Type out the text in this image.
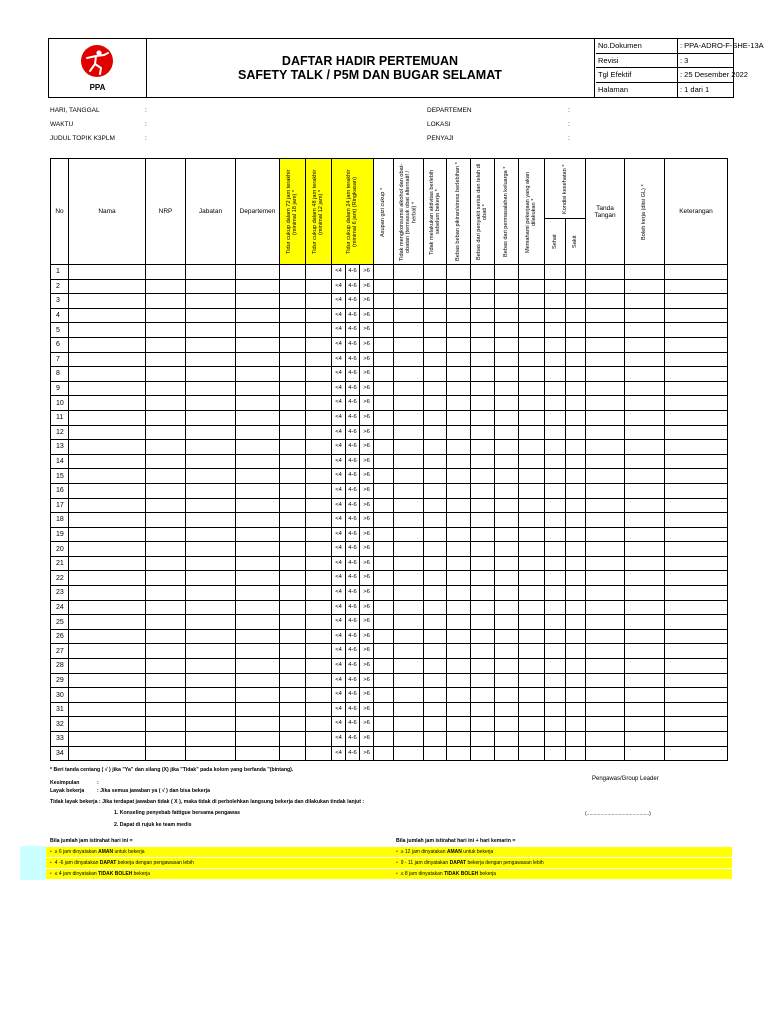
PPA
DAFTAR HADIR PERTEMUAN
SAFETY TALK / P5M DAN BUGAR SELAMAT
No.Dokumen	: PPA-ADRO-F-SHE-13A
Revisi	: 3
Tgl Efektif	: 25 Desember 2022
Halaman	: 1 dari 1
HARI, TANGGAL	:
WAKTU	:
JUDUL TOPIK K3PLM	:
DEPARTEMEN	:
LOKASI	:
PENYAJI	:
No	Nama	NRP	Jabatan	Departemen	Tidur cukup dalam 72 jam terakhir (minimal 18 jam) *	Tidur cukup dalam 48 jam terakhir (minimal 12 jam) *	Tidur cukup dalam 24 jam terakhir (minimal 6 jam) (Ringkasan)	Asupan gizi cukup *	Tidak mengkonsumsi alkohol dan obat-obatan (termasuk obat alternatif / herbal) *	Tidak melakukan aktivitas berlebih sebelum bekerja *	Bebas beban pikiran/stress berlebihan *	Bebas dari penyakit serius dan telah di obati *	Bebas dari permasalahan keluarga *	Memahami pekerjaan yang akan dilakukan *	Kondisi kesehatan *		Tanda Tangan	Boleh kerja (diisi GL) *	Keterangan

															Sehat	Sakit			

1							<4 4-6 >6												

2							<4 4-6 >6												

3							<4 4-6 >6												

4							<4 4-6 >6												

5							<4 4-6 >6												

6							<4 4-6 >6												

7							<4 4-6 >6												

8							<4 4-6 >6												

9							<4 4-6 >6												

10							<4 4-6 >6												

11							<4 4-6 >6												

12							<4 4-6 >6												

13							<4 4-6 >6												

14							<4 4-6 >6												

15							<4 4-6 >6												

16							<4 4-6 >6												

17							<4 4-6 >6												

18							<4 4-6 >6												

19							<4 4-6 >6												

20							<4 4-6 >6												

21							<4 4-6 >6												

22							<4 4-6 >6												

23							<4 4-6 >6												

24							<4 4-6 >6												

25							<4 4-6 >6												

26							<4 4-6 >6												

27							<4 4-6 >6												

28							<4 4-6 >6												

29							<4 4-6 >6												

30							<4 4-6 >6												

31							<4 4-6 >6												

32							<4 4-6 >6												

33							<4 4-6 >6												

34							<4 4-6 >6												

* Beri tanda centang ( √ ) jika "Ya" dan silang (X) jika "Tidak" pada kolom yang berfanda "(bintang).
Kesimpulan	:
Layak bekerja : Jika semua jawaban ya ( √ ) dan bisa bekerja
Tidak layak bekerja : Jika terdapat jawaban tidak ( X ), maka tidak di perbolehkan langsung bekerja dan dilakukan tindak lanjut :
1. Konseling penyebab fattigue bersama pengawas
2. Dapat di rujuk ke team medis
Pengawas/Group Leader
(.............................................)
Bila jumlah jam istirahat hari ini =	Bila jumlah jam istirahat hari ini + hari kemarin =
• ≥ 6 jam dinyatakan AMAN untuk bekerja
• 4 -6 jam dinyatakan DAPAT bekerja dengan pengawasan lebih
• ≤ 4 jam dinyatakan TIDAK BOLEH bekerja
• ≥ 12 jam dinyatakan AMAN untuk bekerja
• 9 - 11 jam dinyatakan DAPAT bekerja dengan pengawasan lebih
• ≤ 8 jam dinyatakan TIDAK BOLEH bekerja
